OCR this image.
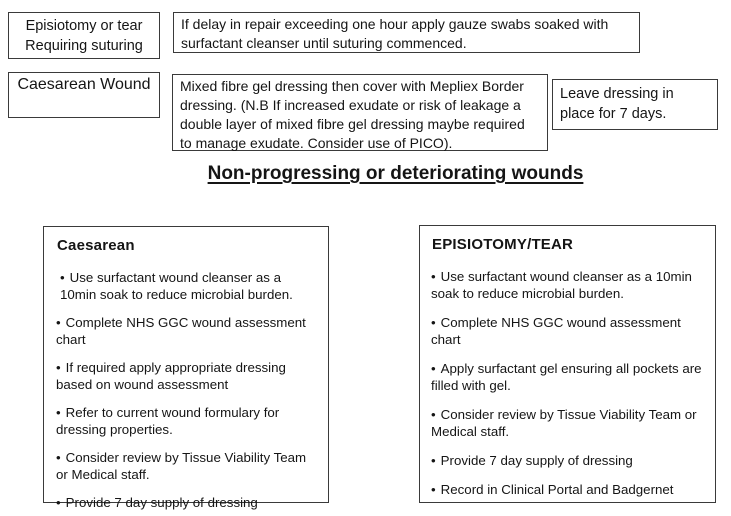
Episiotomy or tear
Requiring suturing
If delay in repair exceeding one hour apply gauze swabs soaked with surfactant cleanser until suturing commenced.
Caesarean Wound	Mixed fibre gel dressing then cover with Mepliex Border dressing. (N.B If increased exudate or risk of leakage a double layer of mixed fibre gel dressing maybe required to manage exudate. Consider use of PICO).
Leave dressing in place for 7 days.
Non-progressing or deteriorating wounds
Caesarean
• Use surfactant wound cleanser as a 10min soak to reduce microbial burden.
• Complete NHS GGC wound assessment chart
• If required apply appropriate dressing based on wound assessment
• Refer to current wound formulary for dressing properties.
• Consider review by Tissue Viability Team or Medical staff.
• Provide 7 day supply of dressing
EPISIOTOMY/TEAR
• Use surfactant wound cleanser as a 10min soak to reduce microbial burden.
• Complete NHS GGC wound assessment chart
• Apply surfactant gel ensuring all pockets are filled with gel.
• Consider review by Tissue Viability Team or Medical staff.
• Provide 7 day supply of dressing
• Record in Clinical Portal and Badgernet
